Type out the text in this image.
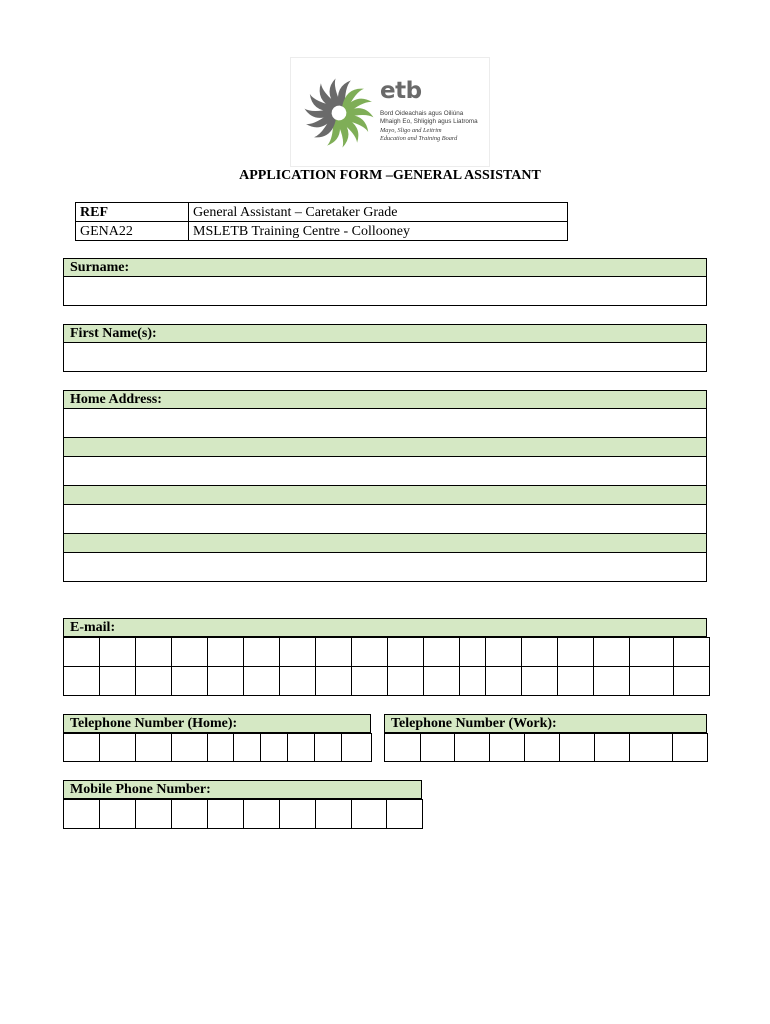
etb
Bord Oideachais agus Oiliúna
Mhaigh Eo, Shligigh agus Liatroma
Mayo, Sligo and Leitrim
Education and Training Board
APPLICATION FORM –GENERAL ASSISTANT
REF	General Assistant – Caretaker Grade
GENA22	MSLETB Training Centre - Collooney
Surname:
First Name(s):
Home Address:
E-mail:

Telephone Number (Home):
										Telephone Number (Work):

Mobile Phone Number:
